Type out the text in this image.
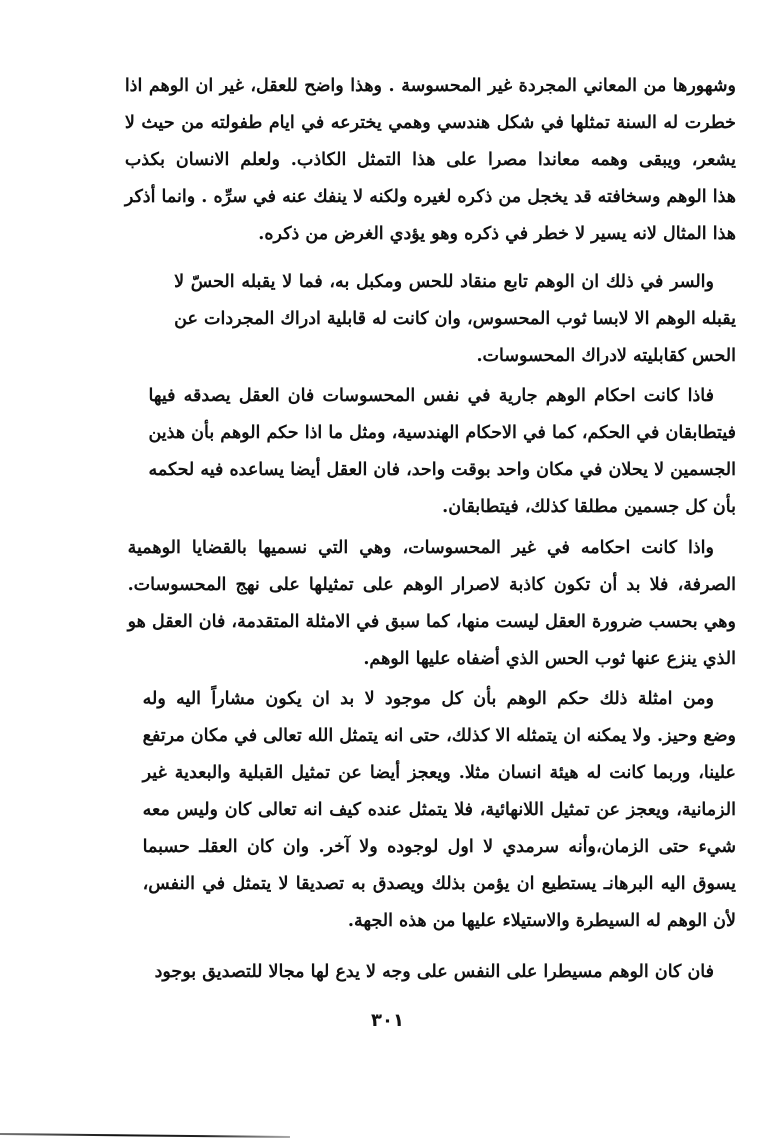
وشهورها من المعاني المجردة غير المحسوسة . وهذا واضح للعقل، غير ان الوهم اذا
خطرت له السنة تمثلها في شكل هندسي وهمي يخترعه في ايام طفولته من حيث لا
يشعر، ويبقى وهمه معاندا مصرا على هذا التمثل الكاذب. ولعلم الانسان بكذب
هذا الوهم وسخافته قد يخجل من ذكره لغيره ولكنه لا ينفك عنه في سرِّه . وانما أذكر
هذا المثال لانه يسير لا خطر في ذكره وهو يؤدي الغرض من ذكره.
والسر في ذلك ان الوهم تابع منقاد للحس ومكبل به، فما لا يقبله الحسّ لا
يقبله الوهم الا لابسا ثوب المحسوس، وان كانت له قابلية ادراك المجردات عن
الحس كقابليته لادراك المحسوسات.
فاذا كانت احكام الوهم جارية في نفس المحسوسات فان العقل يصدقه فيها
فيتطابقان في الحكم، كما في الاحكام الهندسية، ومثل ما اذا حكم الوهم بأن هذين
الجسمين لا يحلان في مكان واحد بوقت واحد، فان العقل أيضا يساعده فيه لحكمه
بأن كل جسمين مطلقا كذلك، فيتطابقان.
واذا كانت احكامه في غير المحسوسات، وهي التي نسميها بالقضايا الوهمية
الصرفة، فلا بد أن تكون كاذبة لاصرار الوهم على تمثيلها على نهج المحسوسات.
وهي بحسب ضرورة العقل ليست منها، كما سبق في الامثلة المتقدمة، فان العقل هو
الذي ينزع عنها ثوب الحس الذي أضفاه عليها الوهم.
ومن امثلة ذلك حكم الوهم بأن كل موجود لا بد ان يكون مشاراً اليه وله
وضع وحيز. ولا يمكنه ان يتمثله الا كذلك، حتى انه يتمثل الله تعالى في مكان مرتفع
علينا، وربما كانت له هيئة انسان مثلا. ويعجز أيضا عن تمثيل القبلية والبعدية غير
الزمانية، ويعجز عن تمثيل اللانهائية، فلا يتمثل عنده كيف انه تعالى كان وليس معه
شيء حتى الزمان،وأنه سرمدي لا اول لوجوده ولا آخر. وان كان العقلـ حسبما
يسوق اليه البرهانـ يستطيع ان يؤمن بذلك ويصدق به تصديقا لا يتمثل في النفس،
لأن الوهم له السيطرة والاستيلاء عليها من هذه الجهة.
فان كان الوهم مسيطرا على النفس على وجه لا يدع لها مجالا للتصديق بوجود
٣٠١
